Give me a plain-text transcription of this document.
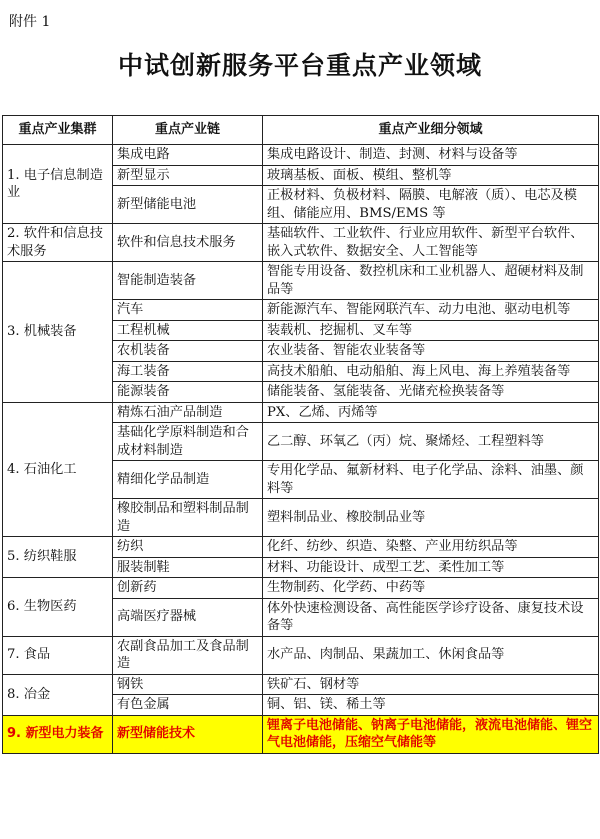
附件 1
中试创新服务平台重点产业领域
重点产业集群	重点产业链	重点产业细分领域
1. 电子信息制造业	集成电路	集成电路设计、制造、封测、材料与设备等
	新型显示	玻璃基板、面板、模组、整机等
	新型储能电池	正极材料、负极材料、隔膜、电解液（质）、电芯及模组、储能应用、BMS/EMS 等
2. 软件和信息技术服务	软件和信息技术服务	基础软件、工业软件、行业应用软件、新型平台软件、嵌入式软件、数据安全、人工智能等
3. 机械装备	智能制造装备	智能专用设备、数控机床和工业机器人、超硬材料及制品等
	汽车	新能源汽车、智能网联汽车、动力电池、驱动电机等
	工程机械	装载机、挖掘机、叉车等
	农机装备	农业装备、智能农业装备等
	海工装备	高技术船舶、电动船舶、海上风电、海上养殖装备等
	能源装备	储能装备、氢能装备、光储充检换装备等
4. 石油化工	精炼石油产品制造	PX、乙烯、丙烯等
	基础化学原料制造和合成材料制造	乙二醇、环氧乙（丙）烷、聚烯烃、工程塑料等
	精细化学品制造	专用化学品、氟新材料、电子化学品、涂料、油墨、颜料等
	橡胶制品和塑料制品制造	塑料制品业、橡胶制品业等
5. 纺织鞋服	纺织	化纤、纺纱、织造、染整、产业用纺织品等
	服装制鞋	材料、功能设计、成型工艺、柔性加工等
6. 生物医药	创新药	生物制药、化学药、中药等
	高端医疗器械	体外快速检测设备、高性能医学诊疗设备、康复技术设备等
7. 食品	农副食品加工及食品制造	水产品、肉制品、果蔬加工、休闲食品等
8. 冶金	钢铁	铁矿石、钢材等
	有色金属	铜、铝、镁、稀土等
9. 新型电力装备	新型储能技术	锂离子电池储能、钠离子电池储能，液流电池储能、锂空气电池储能，压缩空气储能等
